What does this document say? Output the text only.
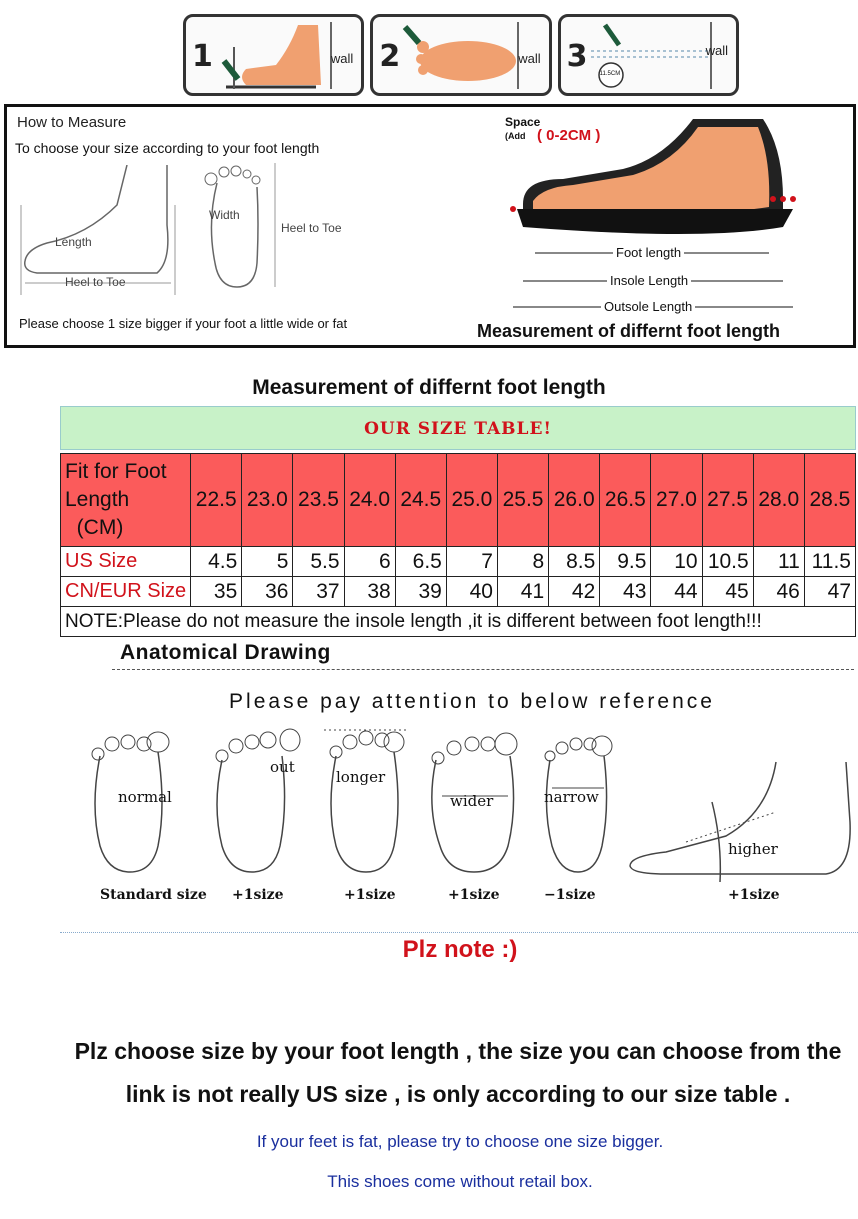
1	wall 2	wall 3	wall
11.5CM
How to Measure
To choose your size according to your foot length
Length
Heel to Toe
Width
Heel to Toe
Please choose 1 size bigger if your foot a little wide or fat
Space
(Add ( 0-2CM )
Foot length
Insole Length
Outsole Length
Measurement of differnt foot length
Measurement of differnt foot length
OUR SIZE TABLE!
Fit for Foot
Length
(CM)	22.5	23.0	23.5	24.0	24.5	25.0	25.5	26.0	26.5	27.0	27.5	28.0	28.5
US Size	4.5	5	5.5	6	6.5	7	8	8.5	9.5	10	10.5	11	11.5
CN/EUR Size	35	36	37	38	39	40	41	42	43	44	45	46	47
NOTE:Please do not measure the insole length ,it is different between foot length!!!													
Anatomical Drawing
Please pay attention to below reference
normal
Standard size
out
+1size
longer
+1size
wider
+1size
narrow
−1size
higher
+1size
Plz note :)
Plz choose size by your foot length , the size you can choose from the link is not really US size , is only according to our size table .
If your feet is fat, please try to choose one size bigger.
This shoes come without retail box.
